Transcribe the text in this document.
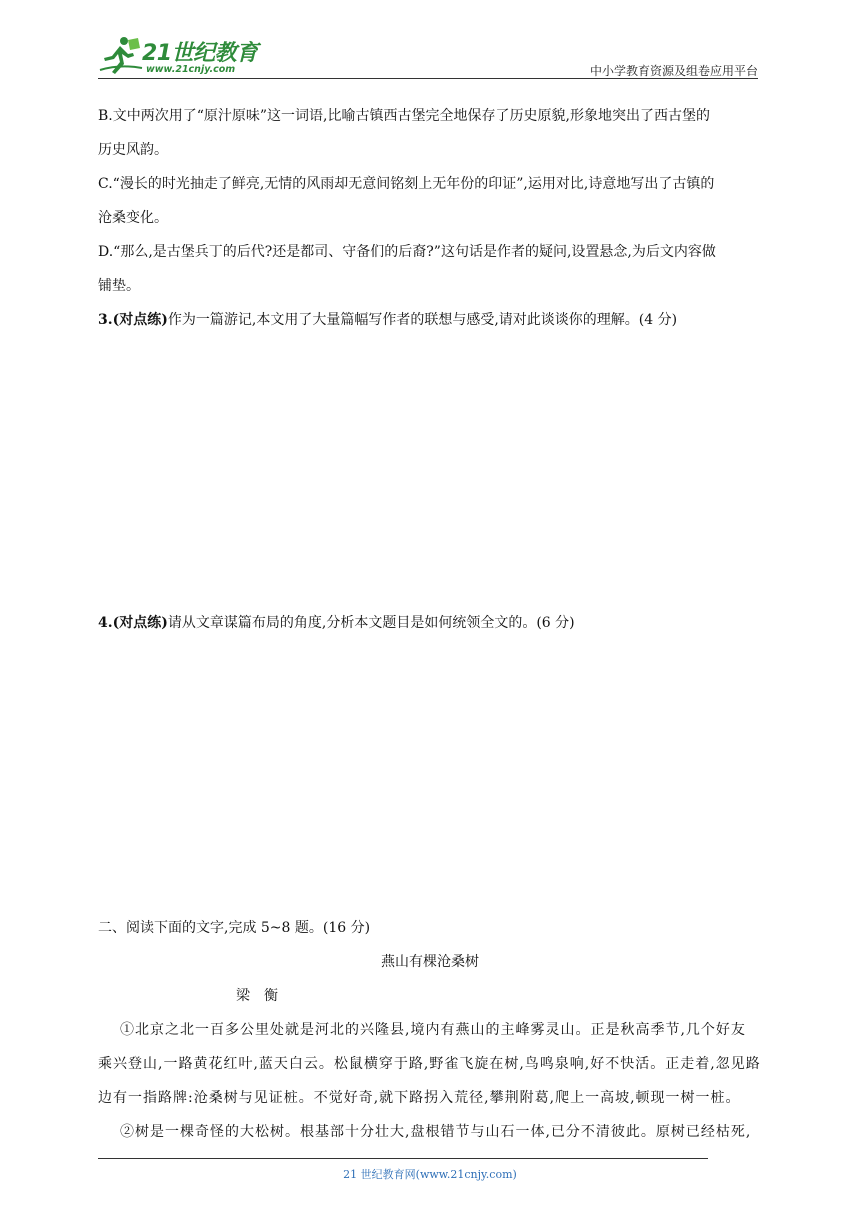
21世纪教育
www.21cnjy.com	中小学教育资源及组卷应用平台
B.文中两次用了“原汁原味”这一词语,比喻古镇西古堡完全地保存了历史原貌,形象地突出了西古堡的
历史风韵。
C.“漫长的时光抽走了鲜亮,无情的风雨却无意间铭刻上无年份的印证”,运用对比,诗意地写出了古镇的
沧桑变化。
D.“那么,是古堡兵丁的后代?还是都司、守备们的后裔?”这句话是作者的疑问,设置悬念,为后文内容做
铺垫。
3.(对点练)作为一篇游记,本文用了大量篇幅写作者的联想与感受,请对此谈谈你的理解。(4 分)
4.(对点练)请从文章谋篇布局的角度,分析本文题目是如何统领全文的。(6 分)
二、阅读下面的文字,完成 5~8 题。(16 分)
燕山有棵沧桑树
梁　衡
①北京之北一百多公里处就是河北的兴隆县,境内有燕山的主峰雾灵山。正是秋高季节,几个好友
乘兴登山,一路黄花红叶,蓝天白云。松鼠横穿于路,野雀飞旋在树,鸟鸣泉响,好不快活。正走着,忽见路
边有一指路牌:沧桑树与见证桩。不觉好奇,就下路拐入荒径,攀荆附葛,爬上一高坡,顿现一树一桩。
②树是一棵奇怪的大松树。根基部十分壮大,盘根错节与山石一体,已分不清彼此。原树已经枯死,
21 世纪教育网(www.21cnjy.com)
